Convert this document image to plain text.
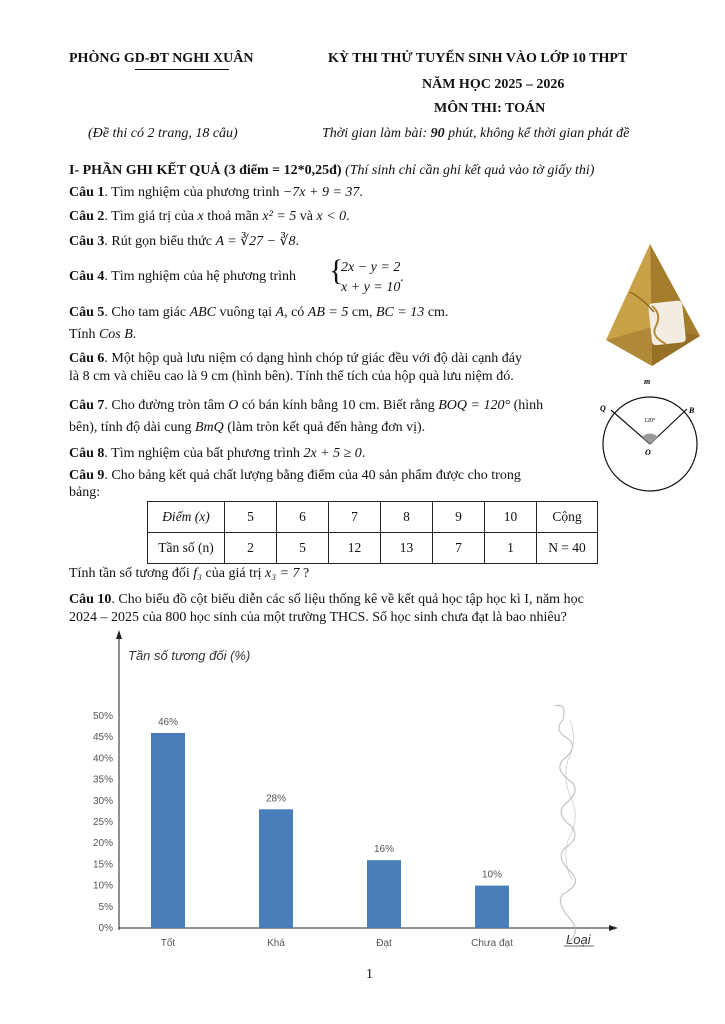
PHÒNG GD-ĐT NGHI XUÂN	KỲ THI THỬ TUYỂN SINH VÀO LỚP 10 THPT
NĂM HỌC 2025 – 2026
MÔN THI: TOÁN
(Đề thi có 2 trang, 18 câu)	Thời gian làm bài: 90 phút, không kể thời gian phát đề
I- PHẦN GHI KẾT QUẢ (3 điểm = 12*0,25đ) (Thí sinh chỉ cần ghi kết quả vào tờ giấy thi)
Câu 1. Tìm nghiệm của phương trình −7x + 9 = 37.
Câu 2. Tìm giá trị của x thoả mãn x² = 5 và x < 0.
Câu 3. Rút gọn biểu thức A = ∛27 − ∛8.
Câu 4. Tìm nghiệm của hệ phương trình {
2x − y = 2
x + y = 10
.
Câu 5. Cho tam giác ABC vuông tại A, có AB = 5 cm, BC = 13 cm.
Tính Cos B.
Câu 6. Một hộp quà lưu niệm có dạng hình chóp tứ giác đều với độ dài cạnh đáy
là 8 cm và chiều cao là 9 cm (hình bên). Tính thể tích của hộp quà lưu niệm đó.
Câu 7. Cho đường tròn tâm O có bán kính bằng 10 cm. Biết rằng BOQ = 120° (hình
bên), tính độ dài cung BmQ (làm tròn kết quả đến hàng đơn vị).
Câu 8. Tìm nghiệm của bất phương trình 2x + 5 ≥ 0.
Câu 9. Cho bảng kết quả chất lượng bằng điểm của 40 sản phẩm được cho trong
bảng:
Điểm (x)	5	6	7	8	9	10	Cộng
Tần số (n)	2	5	12	13	7	1	N = 40
Tính tần số tương đối f₃ của giá trị x₃ = 7 ?
Câu 10. Cho biểu đồ cột biểu diễn các số liệu thống kê về kết quả học tập học kì I, năm học
2024 – 2025 của 800 học sinh của một trường THCS. Số học sinh chưa đạt là bao nhiêu?
m
Q	B
O
120°
Tần số tương đối (%)
Loại
0%
5%
10%
15%
20%
25%
30%
35%
40%
45%
50%
46%
28%
16%
10%
Tốt	Khá	Đạt	Chưa đạt
1
